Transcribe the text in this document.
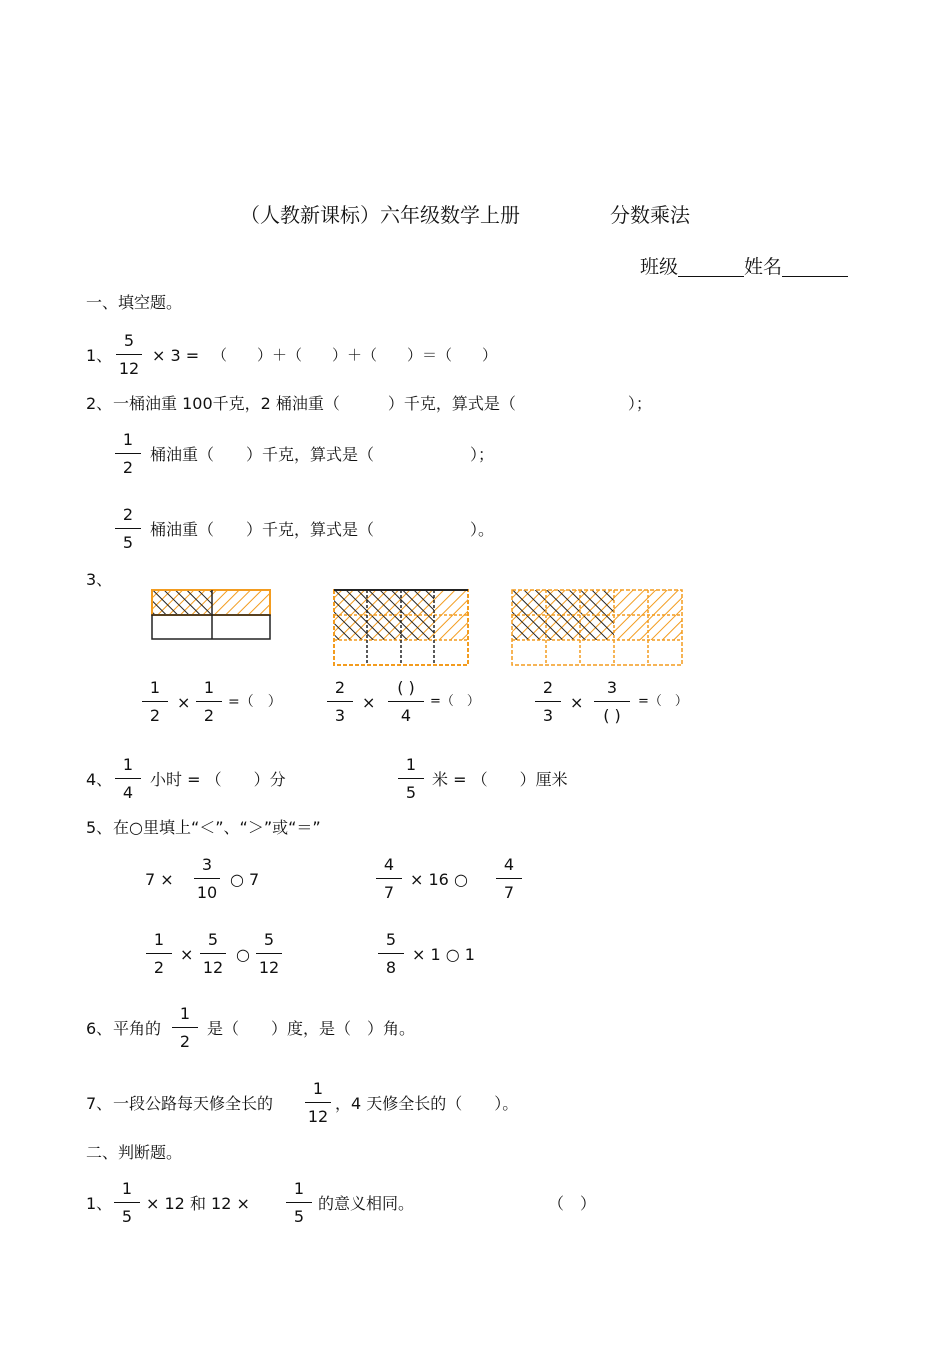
（人教新课标）六年级数学上册	分数乘法
班级	姓名
一、填空题。
1、
5
12
× 3 = （　　）＋（　　）＋（　　）＝（　　）
2、 一桶油重 100千克，2 桶油重（　　　）千克，算式是（　　　　　　　）；
1
2
桶油重（　　）千克，算式是（　　　　　　）；
2
5
桶油重（　　）千克，算式是（　　　　　　）。
3、
1
2
×
1
2
=（　）
2
3
×
( )
4
=（　）
2
3
×
3
( )
=（　）
4、
1
4
小时 = （　　）分
1
5
米 = （　　）厘米
5、 在○里填上“＜”、“＞”或“＝”
7 ×
3
10
○ 7
4
7
× 16 ○
4
7
1
2
×
5
12
○
5
12
5
8
× 1 ○ 1
6、 平角的
1
2
是（　　）度，是（　）角。
7、 一段公路每天修全长的
1
12
，4 天修全长的（　　）。
二、判断题。
1、
1
5
× 12 和 12 ×
1
5
的意义相同。	（　）
